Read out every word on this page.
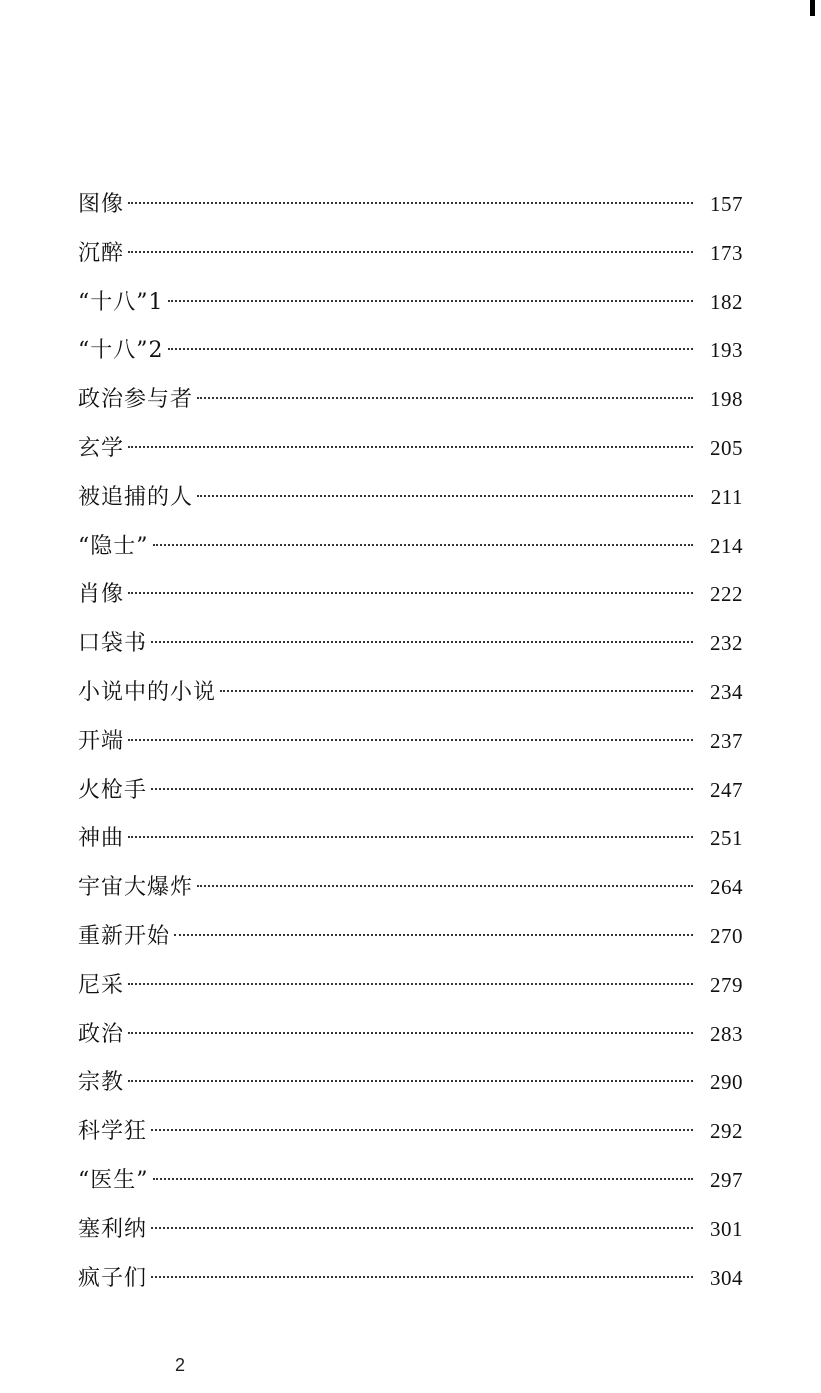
图像	157
沉醉	173
“十八”1	182
“十八”2	193
政治参与者	198
玄学	205
被追捕的人	211
“隐士”	214
肖像	222
口袋书	232
小说中的小说	234
开端	237
火枪手	247
神曲	251
宇宙大爆炸	264
重新开始	270
尼采	279
政治	283
宗教	290
科学狂	292
“医生”	297
塞利纳	301
疯子们	304
2
